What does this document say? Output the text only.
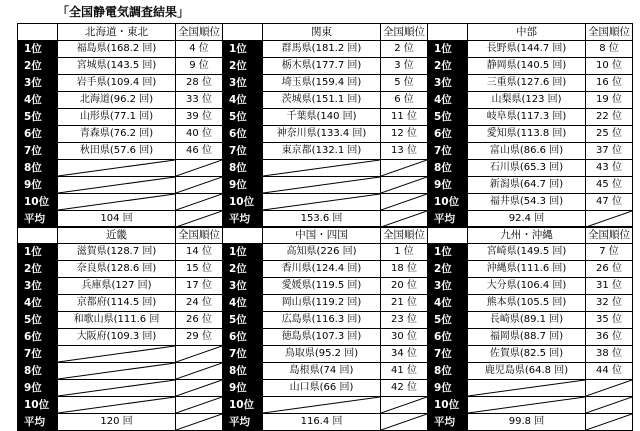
「全国静電気調査結果」
	北海道・東北	全国順位
1位	福島県(168.2 回)	4 位
2位	宮城県(143.5 回)	9 位
3位	岩手県(109.4 回)	28 位
4位	北海道(96.2 回)	33 位
5位	山形県(77.1 回)	39 位
6位	青森県(76.2 回)	40 位
7位	秋田県(57.6 回)	46 位
8位	

9位	

10位	

平均	104 回	
	関東	全国順位
1位	群馬県(181.2 回)	2 位
2位	栃木県(177.7 回)	3 位
3位	埼玉県(159.4 回)	5 位
4位	茨城県(151.1 回)	6 位
5位	千葉県(140 回)	11 位
6位	神奈川県(133.4 回)	12 位
7位	東京都(132.1 回)	13 位
8位	

9位	

10位	

平均	153.6 回	
	中部	全国順位
1位	長野県(144.7 回)	8 位
2位	静岡県(140.5 回)	10 位
3位	三重県(127.6 回)	16 位
4位	山梨県(123 回)	19 位
5位	岐阜県(117.3 回)	22 位
6位	愛知県(113.8 回)	25 位
7位	富山県(86.6 回)	37 位
8位	石川県(65.3 回)	43 位
9位	新潟県(64.7 回)	45 位
10位	福井県(54.3 回)	47 位
平均	92.4 回	
	近畿	全国順位
1位	滋賀県(128.7 回)	14 位
2位	奈良県(128.6 回)	15 位
3位	兵庫県(127 回)	17 位
4位	京都府(114.5 回)	24 位
5位	和歌山県(111.6 回	26 位
6位	大阪府(109.3 回)	29 位
7位	

8位	

9位	

10位	

平均	120 回	
	中国・四国	全国順位
1位	高知県(226 回)	1 位
2位	香川県(124.4 回)	18 位
3位	愛媛県(119.5 回)	20 位
4位	岡山県(119.2 回)	21 位
5位	広島県(116.3 回)	23 位
6位	徳島県(107.3 回)	30 位
7位	鳥取県(95.2 回)	34 位
8位	島根県(74 回)	41 位
9位	山口県(66 回)	42 位
10位	

平均	116.4 回	
	九州・沖縄	全国順位
1位	宮崎県(149.5 回)	7 位
2位	沖縄県(111.6 回)	26 位
3位	大分県(106.4 回)	31 位
4位	熊本県(105.5 回)	32 位
5位	長崎県(89.1 回)	35 位
6位	福岡県(88.7 回)	36 位
7位	佐賀県(82.5 回)	38 位
8位	鹿児島県(64.8 回)	44 位
9位	

10位	

平均	99.8 回	
